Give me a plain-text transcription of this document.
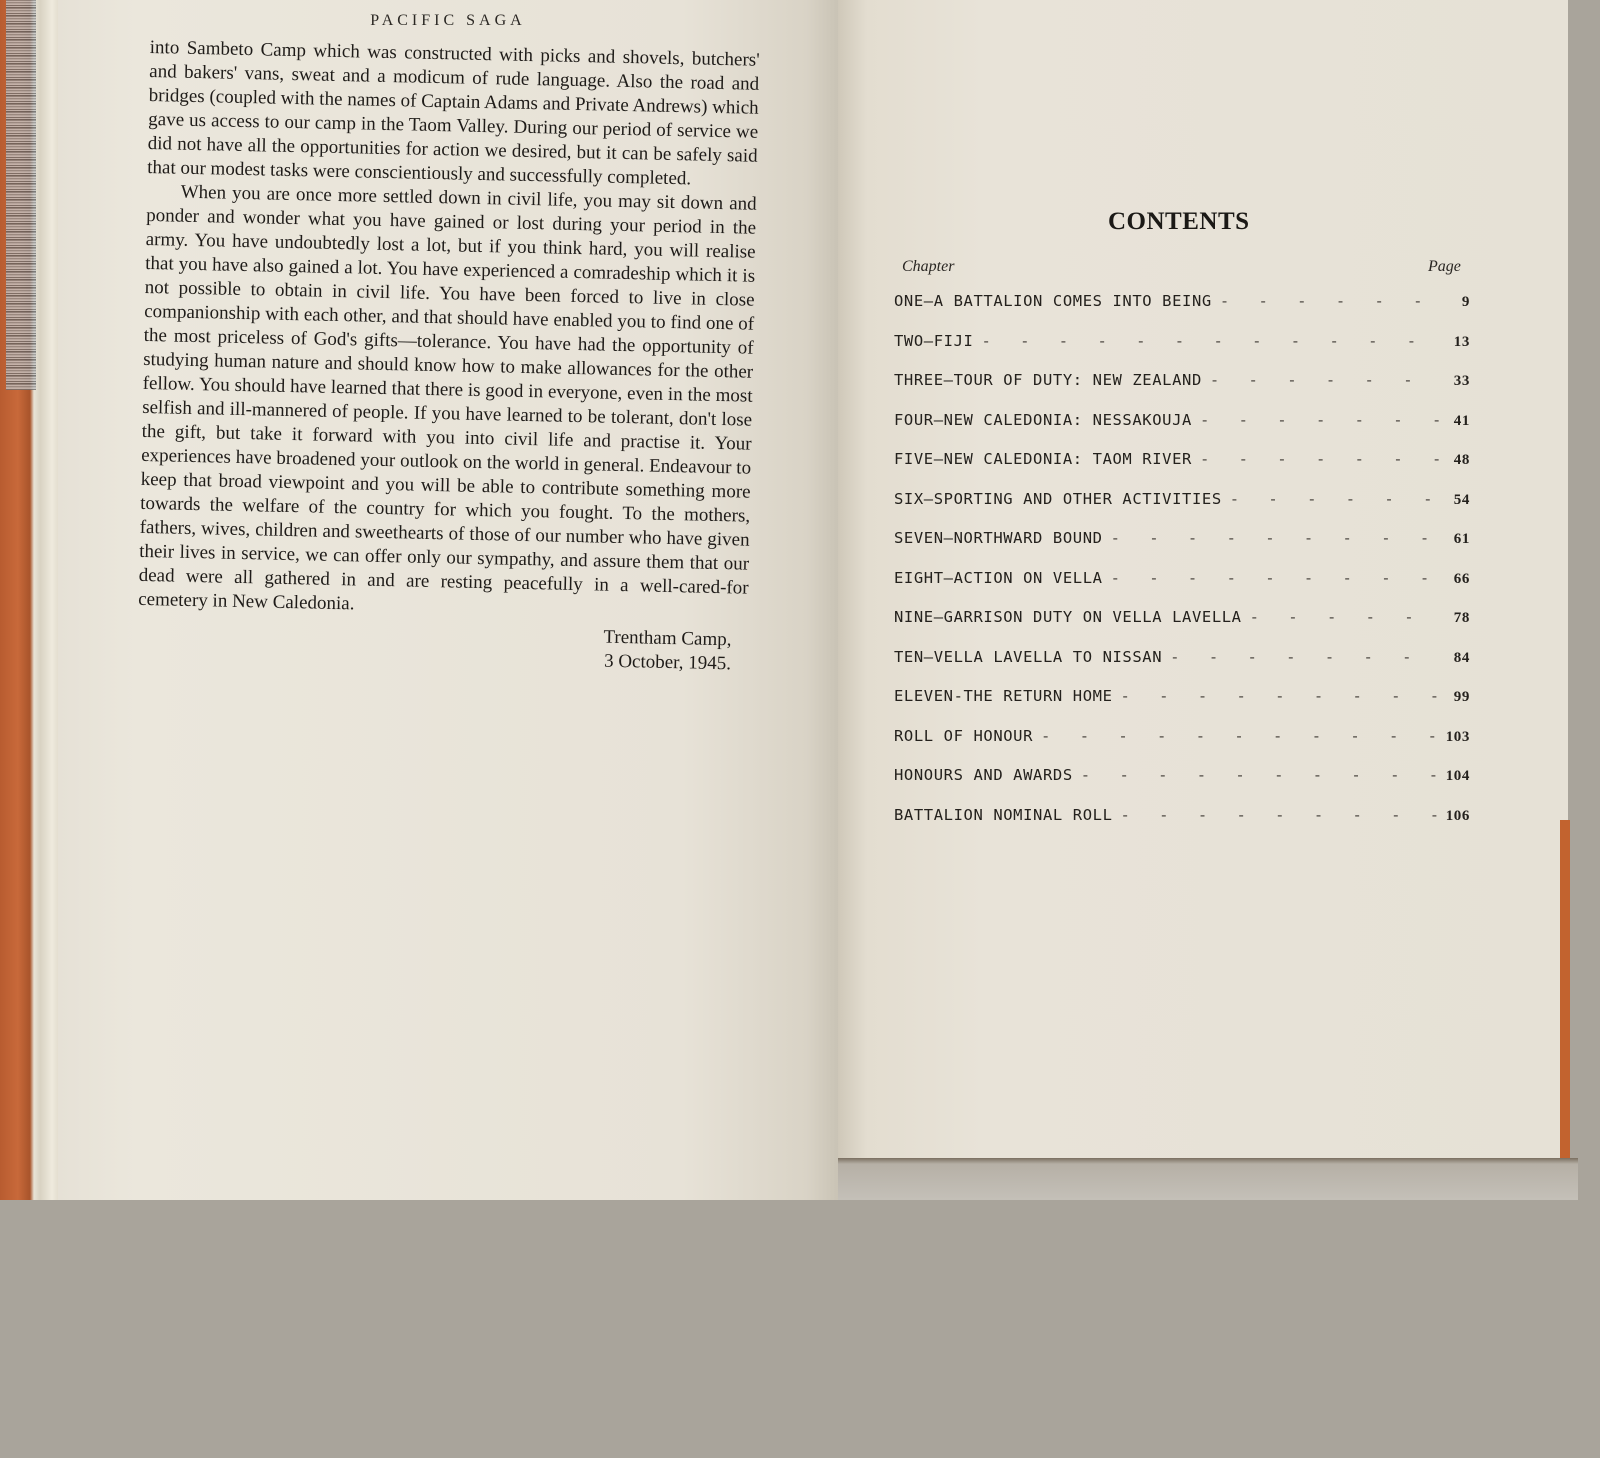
PACIFIC SAGA

into Sambeto Camp which was constructed with picks and shovels, butchers' and bakers' vans, sweat and a modicum of rude language. Also the road and bridges (coupled with the names of Captain Adams and Private Andrews) which gave us access to our camp in the Taom Valley. During our period of service we did not have all the opportunities for action we desired, but it can be safely said that our modest tasks were conscientiously and successfully completed.

When you are once more settled down in civil life, you may sit down and ponder and wonder what you have gained or lost during your period in the army. You have undoubtedly lost a lot, but if you think hard, you will realise that you have also gained a lot. You have experienced a comradeship which it is not possible to obtain in civil life. You have been forced to live in close companionship with each other, and that should have enabled you to find one of the most priceless of God's gifts—tolerance. You have had the opportunity of studying human nature and should know how to make allowances for the other fellow. You should have learned that there is good in everyone, even in the most selfish and ill-mannered of people. If you have learned to be tolerant, don't lose the gift, but take it forward with you into civil life and practise it. Your experiences have broadened your outlook on the world in general. Endeavour to keep that broad viewpoint and you will be able to contribute something more towards the welfare of the country for which you fought. To the mothers, fathers, wives, children and sweethearts of those of our number who have given their lives in service, we can offer only our sympathy, and assure them that our dead were all gathered in and are resting peacefully in a well-cared-for cemetery in New Caledonia.

Trentham Camp,
3 October, 1945.
CONTENTS
Chapter	Page
ONE—A BATTALION COMES INTO BEING - - -	9
TWO—FIJI - - -	13
THREE—TOUR OF DUTY: NEW ZEALAND - - -	33
FOUR—NEW CALEDONIA: NESSAKOUJA - - -	41
FIVE—NEW CALEDONIA: TAOM RIVER - - -	48
SIX—SPORTING AND OTHER ACTIVITIES - - -	54
SEVEN—NORTHWARD BOUND - - -	61
EIGHT—ACTION ON VELLA - - -	66
NINE—GARRISON DUTY ON VELLA LAVELLA - - -	78
TEN—VELLA LAVELLA TO NISSAN - - -	84
ELEVEN-THE RETURN HOME - - -	99
ROLL OF HONOUR - - -	103
HONOURS AND AWARDS - - -	104
BATTALION NOMINAL ROLL - - -	106
